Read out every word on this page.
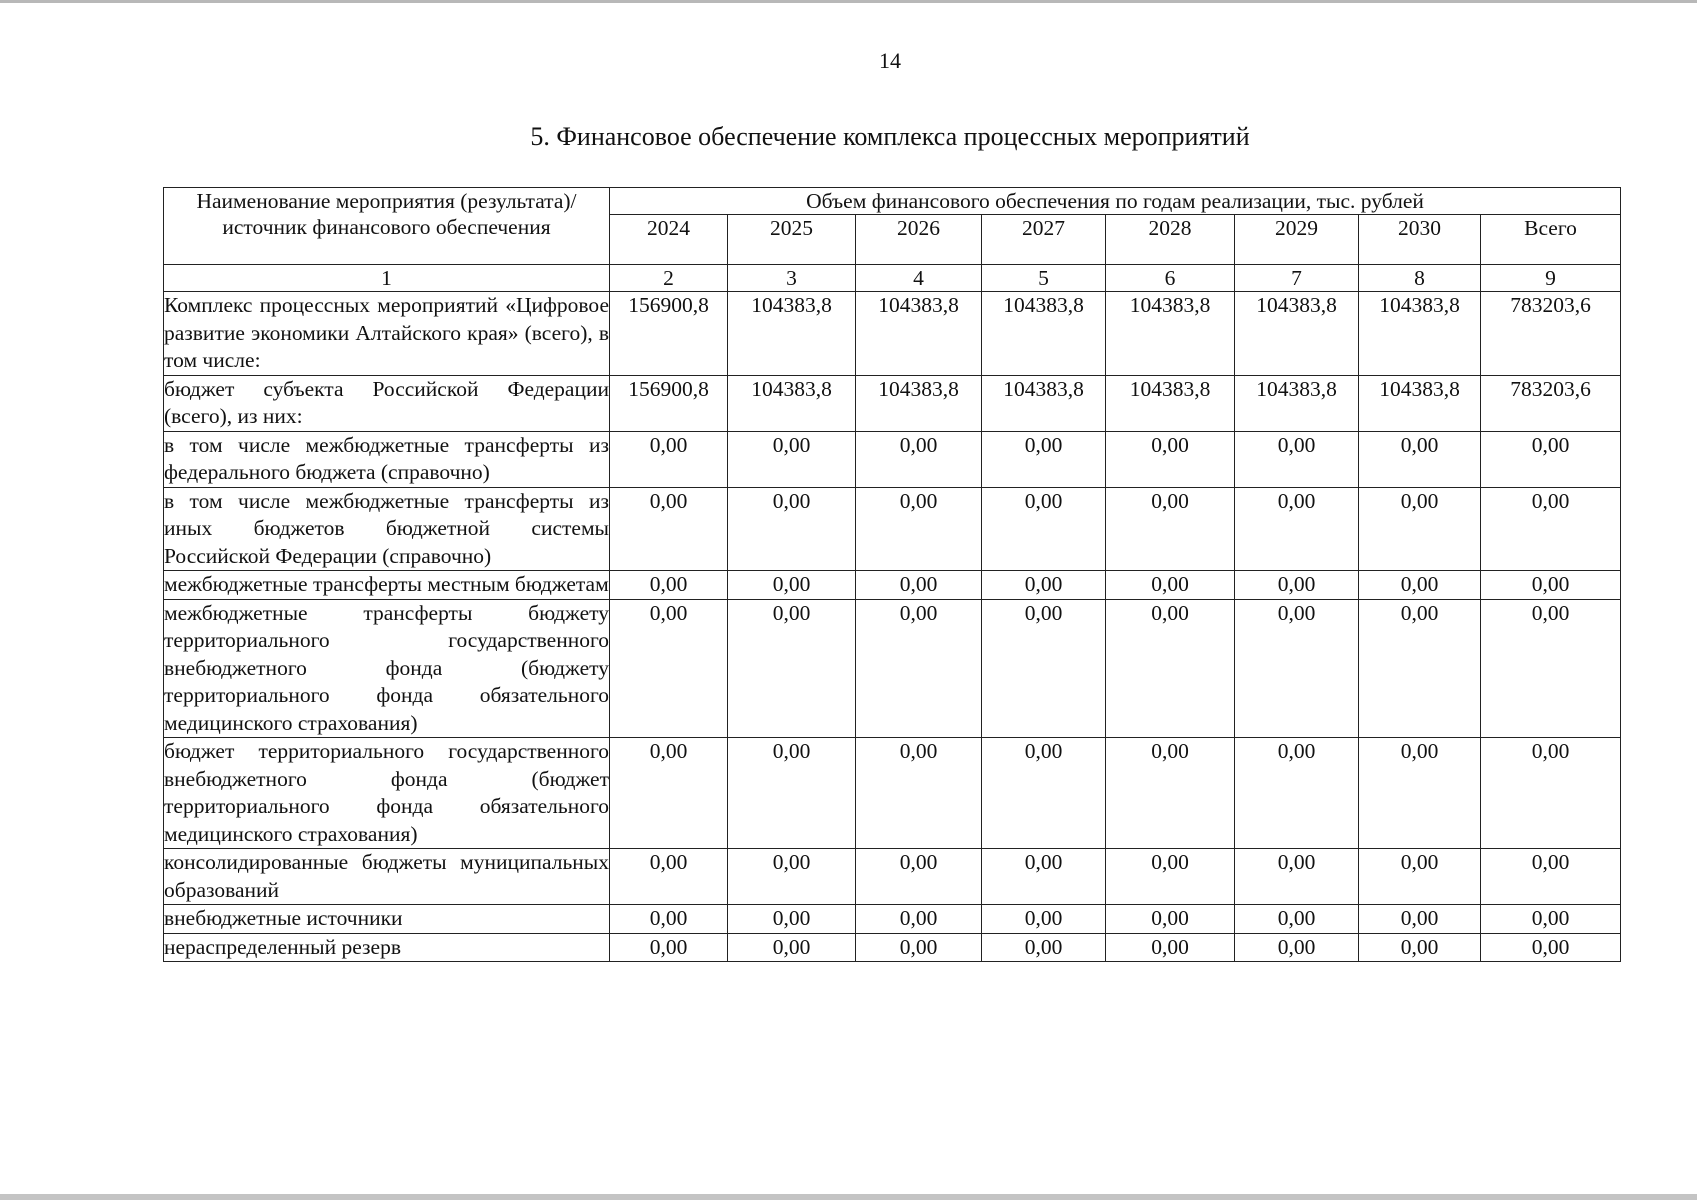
14
5. Финансовое обеспечение комплекса процессных мероприятий
Наименование мероприятия (результата)/источник финансового обеспечения	Объем финансового обеспечения по годам реализации, тыс. рублей							
	2024	2025	2026	2027	2028	2029	2030	Всего
1	2	3	4	5	6	7	8	9
Комплекс процессных мероприятий «Цифровое развитие экономики Алтайского края» (всего), в том числе:	156900,8	104383,8	104383,8	104383,8	104383,8	104383,8	104383,8	783203,6
бюджет субъекта Российской Федерации (всего), из них:	156900,8	104383,8	104383,8	104383,8	104383,8	104383,8	104383,8	783203,6
в том числе межбюджетные трансферты из федерального бюджета (справочно)	0,00	0,00	0,00	0,00	0,00	0,00	0,00	0,00
в том числе межбюджетные трансферты из иных бюджетов бюджетной системы Российской Федерации (справочно)	0,00	0,00	0,00	0,00	0,00	0,00	0,00	0,00
межбюджетные трансферты местным бюджетам	0,00	0,00	0,00	0,00	0,00	0,00	0,00	0,00
межбюджетные трансферты бюджету территориального государственного внебюджетного фонда (бюджету территориального фонда обязательного медицинского страхования)	0,00	0,00	0,00	0,00	0,00	0,00	0,00	0,00
бюджет территориального государственного внебюджетного фонда (бюджет территориального фонда обязательного медицинского страхования)	0,00	0,00	0,00	0,00	0,00	0,00	0,00	0,00
консолидированные бюджеты муниципальных образований	0,00	0,00	0,00	0,00	0,00	0,00	0,00	0,00
внебюджетные источники	0,00	0,00	0,00	0,00	0,00	0,00	0,00	0,00
нераспределенный резерв	0,00	0,00	0,00	0,00	0,00	0,00	0,00	0,00
